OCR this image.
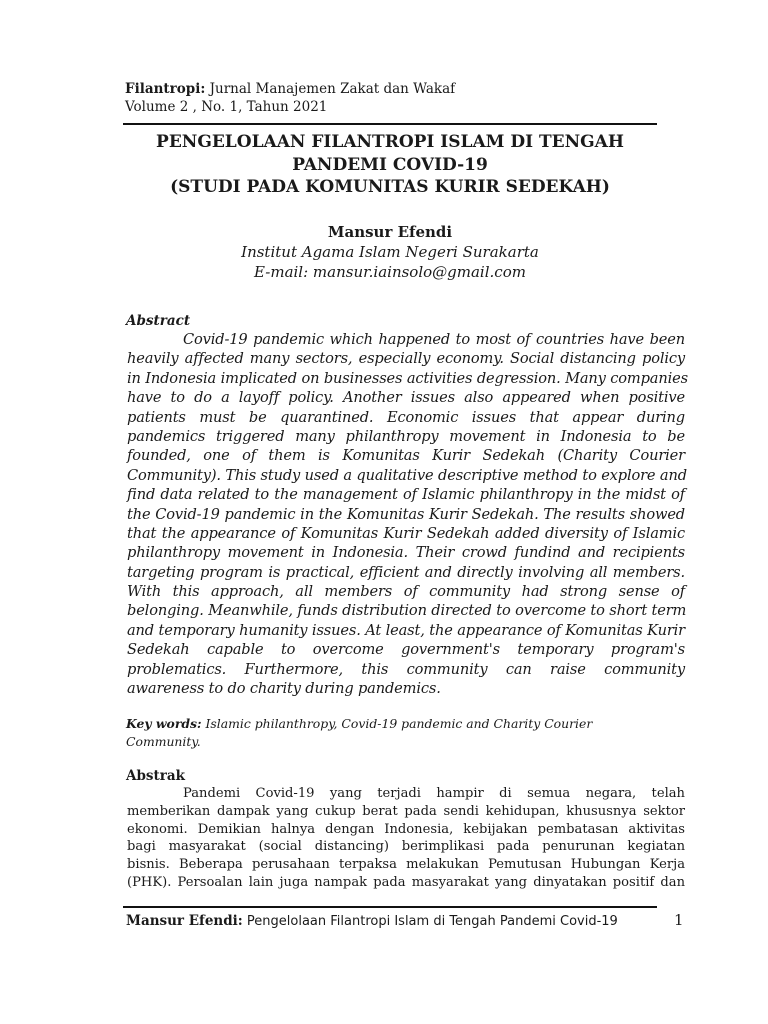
Filantropi: Jurnal Manajemen Zakat dan Wakaf
Volume 2 , No. 1, Tahun 2021
PENGELOLAAN FILANTROPI ISLAM DI TENGAH
PANDEMI COVID-19
(STUDI PADA KOMUNITAS KURIR SEDEKAH)
Mansur Efendi
Institut Agama Islam Negeri Surakarta
E-mail: mansur.iainsolo@gmail.com
Abstract
Covid-19 pandemic which happened to most of countries have been
heavily affected many sectors, especially economy. Social distancing policy
in Indonesia implicated on businesses activities degression. Many companies
have to do a layoff policy. Another issues also appeared when positive
patients must be quarantined. Economic issues that appear during
pandemics triggered many philanthropy movement in Indonesia to be
founded, one of them is Komunitas Kurir Sedekah (Charity Courier
Community). This study used a qualitative descriptive method to explore and
find data related to the management of Islamic philanthropy in the midst of
the Covid-19 pandemic in the Komunitas Kurir Sedekah. The results showed
that the appearance of Komunitas Kurir Sedekah added diversity of Islamic
philanthropy movement in Indonesia. Their crowd fundind and recipients
targeting program is practical, efficient and directly involving all members.
With this approach, all members of community had strong sense of
belonging. Meanwhile, funds distribution directed to overcome to short term
and temporary humanity issues. At least, the appearance of Komunitas Kurir
Sedekah capable to overcome government's temporary program's
problematics. Furthermore, this community can raise community
awareness to do charity during pandemics.
Key words: Islamic philanthropy, Covid-19 pandemic and Charity Courier
Community.
Abstrak
Pandemi Covid-19 yang terjadi hampir di semua negara, telah
memberikan dampak yang cukup berat pada sendi kehidupan, khususnya sektor
ekonomi. Demikian halnya dengan Indonesia, kebijakan pembatasan aktivitas
bagi masyarakat (social distancing) berimplikasi pada penurunan kegiatan
bisnis. Beberapa perusahaan terpaksa melakukan Pemutusan Hubungan Kerja
(PHK). Persoalan lain juga nampak pada masyarakat yang dinyatakan positif dan
Mansur Efendi: Pengelolaan Filantropi Islam di Tengah Pandemi Covid-19	1
